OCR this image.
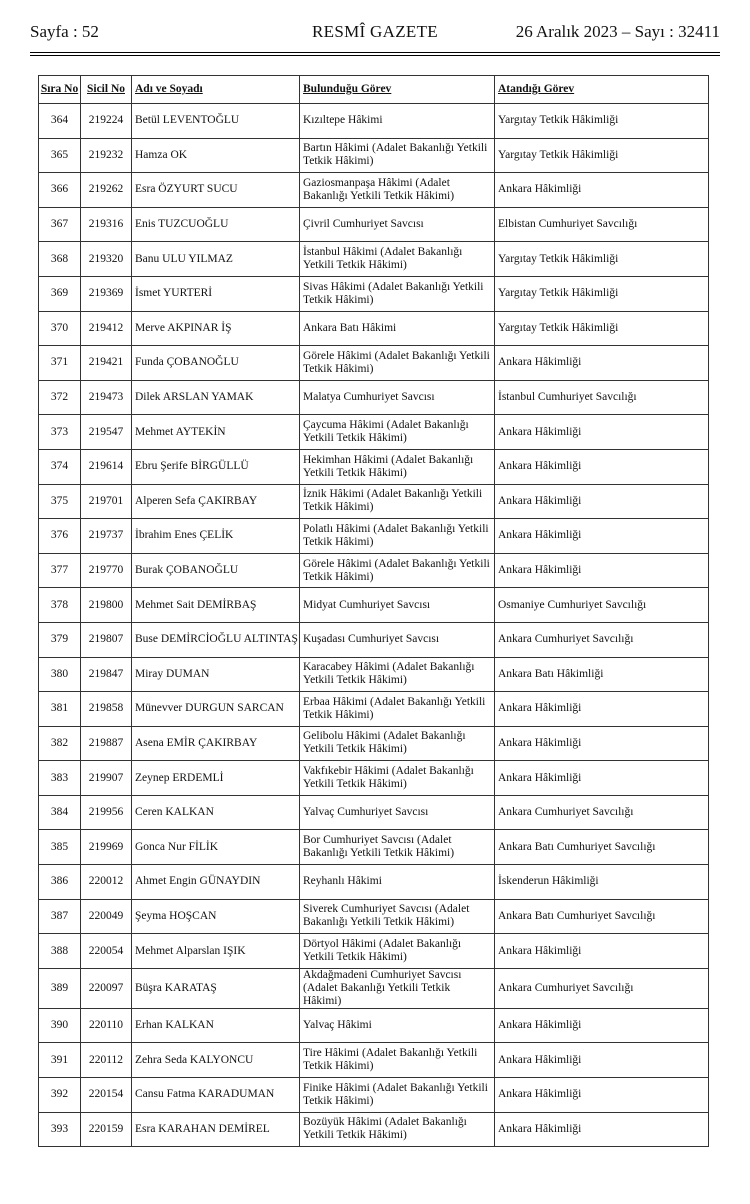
Sayfa : 52	RESMÎ GAZETE	26 Aralık 2023 – Sayı : 32411
Sıra No	Sicil No	Adı ve Soyadı	Bulunduğu Görev	Atandığı Görev
364	219224	Betül LEVENTOĞLU	Kızıltepe Hâkimi	Yargıtay Tetkik Hâkimliği
365	219232	Hamza OK	Bartın Hâkimi (Adalet Bakanlığı Yetkili Tetkik Hâkimi)	Yargıtay Tetkik Hâkimliği
366	219262	Esra ÖZYURT SUCU	Gaziosmanpaşa Hâkimi (Adalet Bakanlığı Yetkili Tetkik Hâkimi)	Ankara Hâkimliği
367	219316	Enis TUZCUOĞLU	Çivril Cumhuriyet Savcısı	Elbistan Cumhuriyet Savcılığı
368	219320	Banu ULU YILMAZ	İstanbul Hâkimi (Adalet Bakanlığı Yetkili Tetkik Hâkimi)	Yargıtay Tetkik Hâkimliği
369	219369	İsmet YURTERİ	Sivas Hâkimi (Adalet Bakanlığı Yetkili Tetkik Hâkimi)	Yargıtay Tetkik Hâkimliği
370	219412	Merve AKPINAR İŞ	Ankara Batı Hâkimi	Yargıtay Tetkik Hâkimliği
371	219421	Funda ÇOBANOĞLU	Görele Hâkimi (Adalet Bakanlığı Yetkili Tetkik Hâkimi)	Ankara Hâkimliği
372	219473	Dilek ARSLAN YAMAK	Malatya Cumhuriyet Savcısı	İstanbul Cumhuriyet Savcılığı
373	219547	Mehmet AYTEKİN	Çaycuma Hâkimi (Adalet Bakanlığı Yetkili Tetkik Hâkimi)	Ankara Hâkimliği
374	219614	Ebru Şerife BİRGÜLLÜ	Hekimhan Hâkimi (Adalet Bakanlığı Yetkili Tetkik Hâkimi)	Ankara Hâkimliği
375	219701	Alperen Sefa ÇAKIRBAY	İznik Hâkimi (Adalet Bakanlığı Yetkili Tetkik Hâkimi)	Ankara Hâkimliği
376	219737	İbrahim Enes ÇELİK	Polatlı Hâkimi (Adalet Bakanlığı Yetkili Tetkik Hâkimi)	Ankara Hâkimliği
377	219770	Burak ÇOBANOĞLU	Görele Hâkimi (Adalet Bakanlığı Yetkili Tetkik Hâkimi)	Ankara Hâkimliği
378	219800	Mehmet Sait DEMİRBAŞ	Midyat Cumhuriyet Savcısı	Osmaniye Cumhuriyet Savcılığı
379	219807	Buse DEMİRCİOĞLU ALTINTAŞ	Kuşadası Cumhuriyet Savcısı	Ankara Cumhuriyet Savcılığı
380	219847	Miray DUMAN	Karacabey Hâkimi (Adalet Bakanlığı Yetkili Tetkik Hâkimi)	Ankara Batı Hâkimliği
381	219858	Münevver DURGUN SARCAN	Erbaa Hâkimi (Adalet Bakanlığı Yetkili Tetkik Hâkimi)	Ankara Hâkimliği
382	219887	Asena EMİR ÇAKIRBAY	Gelibolu Hâkimi (Adalet Bakanlığı Yetkili Tetkik Hâkimi)	Ankara Hâkimliği
383	219907	Zeynep ERDEMLİ	Vakfıkebir Hâkimi (Adalet Bakanlığı Yetkili Tetkik Hâkimi)	Ankara Hâkimliği
384	219956	Ceren KALKAN	Yalvaç Cumhuriyet Savcısı	Ankara Cumhuriyet Savcılığı
385	219969	Gonca Nur FİLİK	Bor Cumhuriyet Savcısı (Adalet Bakanlığı Yetkili Tetkik Hâkimi)	Ankara Batı Cumhuriyet Savcılığı
386	220012	Ahmet Engin GÜNAYDIN	Reyhanlı Hâkimi	İskenderun Hâkimliği
387	220049	Şeyma HOŞCAN	Siverek Cumhuriyet Savcısı (Adalet Bakanlığı Yetkili Tetkik Hâkimi)	Ankara Batı Cumhuriyet Savcılığı
388	220054	Mehmet Alparslan IŞIK	Dörtyol Hâkimi (Adalet Bakanlığı Yetkili Tetkik Hâkimi)	Ankara Hâkimliği
389	220097	Büşra KARATAŞ	Akdağmadeni Cumhuriyet Savcısı (Adalet Bakanlığı Yetkili Tetkik Hâkimi)	Ankara Cumhuriyet Savcılığı
390	220110	Erhan KALKAN	Yalvaç Hâkimi	Ankara Hâkimliği
391	220112	Zehra Seda KALYONCU	Tire Hâkimi (Adalet Bakanlığı Yetkili Tetkik Hâkimi)	Ankara Hâkimliği
392	220154	Cansu Fatma KARADUMAN	Finike Hâkimi (Adalet Bakanlığı Yetkili Tetkik Hâkimi)	Ankara Hâkimliği
393	220159	Esra KARAHAN DEMİREL	Bozüyük Hâkimi (Adalet Bakanlığı Yetkili Tetkik Hâkimi)	Ankara Hâkimliği
